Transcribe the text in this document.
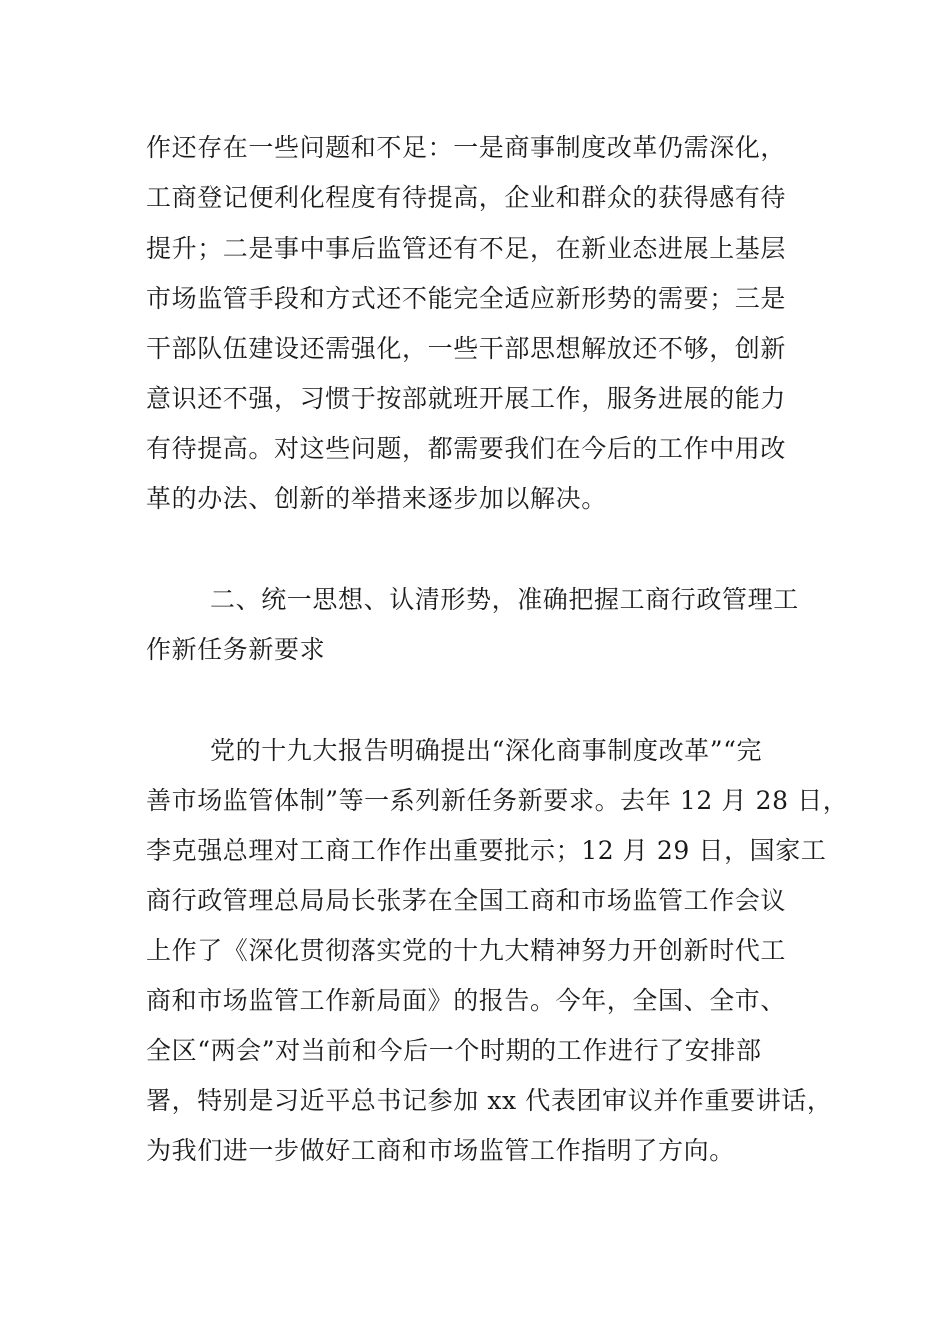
作还存在一些问题和不足：一是商事制度改革仍需深化，
工商登记便利化程度有待提高，企业和群众的获得感有待
提升；二是事中事后监管还有不足，在新业态进展上基层
市场监管手段和方式还不能完全适应新形势的需要；三是
干部队伍建设还需强化，一些干部思想解放还不够，创新
意识还不强，习惯于按部就班开展工作，服务进展的能力
有待提高。对这些问题，都需要我们在今后的工作中用改
革的办法、创新的举措来逐步加以解决。
二、统一思想、认清形势，准确把握工商行政管理工
作新任务新要求
党的十九大报告明确提出“深化商事制度改革”“完
善市场监管体制”等一系列新任务新要求。去年 12 月 28 日，
李克强总理对工商工作作出重要批示；12 月 29 日，国家工
商行政管理总局局长张茅在全国工商和市场监管工作会议
上作了《深化贯彻落实党的十九大精神努力开创新时代工
商和市场监管工作新局面》的报告。今年，全国、全市、
全区“两会”对当前和今后一个时期的工作进行了安排部
署，特别是习近平总书记参加 xx 代表团审议并作重要讲话，
为我们进一步做好工商和市场监管工作指明了方向。
